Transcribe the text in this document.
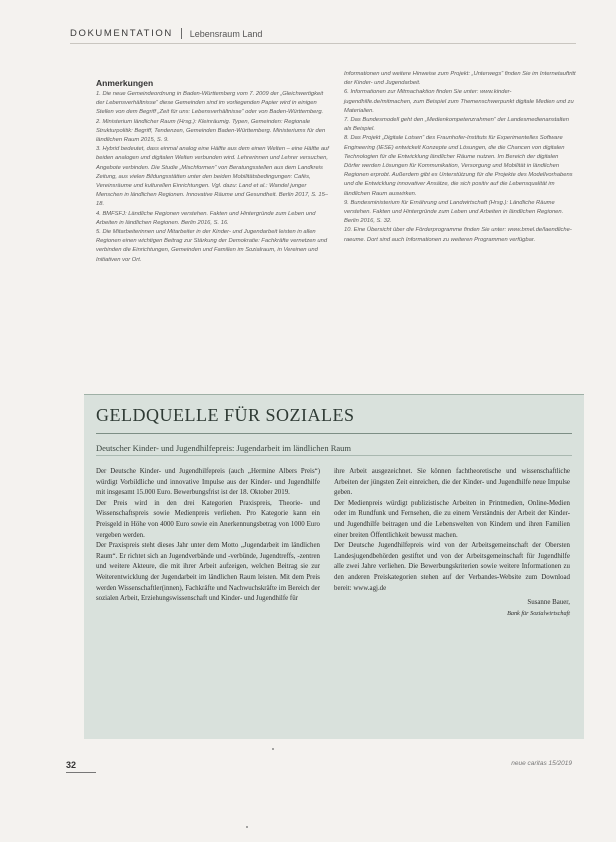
DOKUMENTATION Lebensraum Land
Anmerkungen

1. Die neue Gemeindeordnung in Baden-Württemberg vom 7. 2009 der „Gleichwertigkeit der Lebensverhältnisse“ diese Gemeinden sind im vorliegenden Papier wird in einigen Stellen von dem Begriff „Zeit für uns: Lebensverhältnisse“ oder von Baden-Württemberg.

2. Ministerium ländlicher Raum (Hrsg.): Kleinräumig. Typen, Gemeinden: Regionale Strukturpolitik: Begriff, Tendenzen, Gemeinden Baden-Württemberg. Ministeriums für den ländlichen Raum 2015, S. 9.

3. Hybrid bedeutet, dass einmal analog eine Hälfte aus dem einen Welten – eine Hälfte auf beiden analogen und digitalen Welten verbunden wird. Lehrerinnen und Lehrer versuchen, Angebote verbinden. Die Studie „Mischformen“ von Beratungsstellen aus dem Landkreis Zeitung, aus vielen Bildungsstätten unter den beiden Mobilitätsbedingungen: Cafés, Vereinsräume und kulturellen Einrichtungen. Vgl. dazu: Land et al.: Wandel junger Menschen in ländlichen Regionen. Innovative Räume und Gesundheit. Berlin 2017, S. 15–18.

4. BMFSFJ: Ländliche Regionen verstehen. Fakten und Hintergründe zum Leben und Arbeiten in ländlichen Regionen. Berlin 2016, S. 16.

5. Die Mitarbeiterinnen und Mitarbeiter in der Kinder- und Jugendarbeit leisten in allen Regionen einen wichtigen Beitrag zur Stärkung der Demokratie: Fachkräfte vernetzen und verbinden die Einrichtungen, Gemeinden und Familien im Sozialraum, in Vereinen und Initiativen vor Ort.

Informationen und weitere Hinweise zum Projekt: „Unterwegs“ finden Sie im Internetauftritt der Kinder- und Jugendarbeit.

6. Informationen zur Mitmachaktion finden Sie unter: www.kinder-jugendhilfe.de/mitmachen, zum Beispiel zum Themenschwerpunkt digitale Medien und zu Materialien.

7. Das Bundesmodell geht den „Medienkompetenzrahmen“ der Landesmedienanstalten als Beispiel.

8. Das Projekt „Digitale Lotsen“ des Fraunhofer-Instituts für Experimentelles Software Engineering (IESE) entwickelt Konzepte und Lösungen, die die Chancen von digitalen Technologien für die Entwicklung ländlicher Räume nutzen. Im Bereich der digitalen Dörfer werden Lösungen für Kommunikation, Versorgung und Mobilität in ländlichen Regionen erprobt. Außerdem gibt es Unterstützung für die Projekte des Modellvorhabens und die Entwicklung innovativer Ansätze, die sich positiv auf die Lebensqualität im ländlichen Raum auswirken.

9. Bundesministerium für Ernährung und Landwirtschaft (Hrsg.): Ländliche Räume verstehen. Fakten und Hintergründe zum Leben und Arbeiten in ländlichen Regionen. Berlin 2016, S. 32.

10. Eine Übersicht über die Förderprogramme finden Sie unter: www.bmel.de/laendliche-raeume. Dort sind auch Informationen zu weiteren Programmen verfügbar.

GELDQUELLE FÜR SOZIALES
Deutscher Kinder- und Jugendhilfepreis: Jugendarbeit im ländlichen Raum

Der Deutsche Kinder- und Jugendhilfepreis (auch „Hermine Albers Preis“) würdigt Vorbildliche und innovative Impulse aus der Kinder- und Jugendhilfe mit insgesamt 15.000 Euro. Bewerbungsfrist ist der 18. Oktober 2019.

Der Preis wird in den drei Kategorien Praxispreis, Theorie- und Wissenschaftspreis sowie Medienpreis verliehen. Pro Kategorie kann ein Preisgeld in Höhe von 4000 Euro sowie ein Anerkennungsbetrag von 1000 Euro vergeben werden.

Der Praxispreis steht dieses Jahr unter dem Motto „Jugendarbeit im ländlichen Raum“. Er richtet sich an Jugendverbände und -verbünde, Jugendtreffs, -zentren und weitere Akteure, die mit ihrer Arbeit aufzeigen, welchen Beitrag sie zur Weiterentwicklung der Jugendarbeit im ländlichen Raum leisten. Mit dem Preis werden Wissenschaftler(innen), Fachkräfte und Nachwuchskräfte im Bereich der sozialen Arbeit, Erziehungswissenschaft und Kinder- und Jugendhilfe für

ihre Arbeit ausgezeichnet. Sie können fachtheoretische und wissenschaftliche Arbeiten der jüngsten Zeit einreichen, die der Kinder- und Jugendhilfe neue Impulse geben.

Der Medienpreis würdigt publizistische Arbeiten in Printmedien, Online-Medien oder im Rundfunk und Fernsehen, die zu einem Verständnis der Arbeit der Kinder- und Jugendhilfe beitragen und die Lebenswelten von Kindern und ihren Familien einer breiten Öffentlichkeit bewusst machen.

Der Deutsche Jugendhilfepreis wird von der Arbeitsgemeinschaft der Obersten Landesjugendbehörden gestiftet und von der Arbeitsgemeinschaft für Jugendhilfe alle zwei Jahre verliehen. Die Bewerbungskriterien sowie weitere Informationen zu den anderen Preiskategorien stehen auf der Verbandes-Website zum Download bereit: www.agj.de

Susanne Bauer,
Bank für Sozialwirtschaft

32	neue caritas 15/2019
